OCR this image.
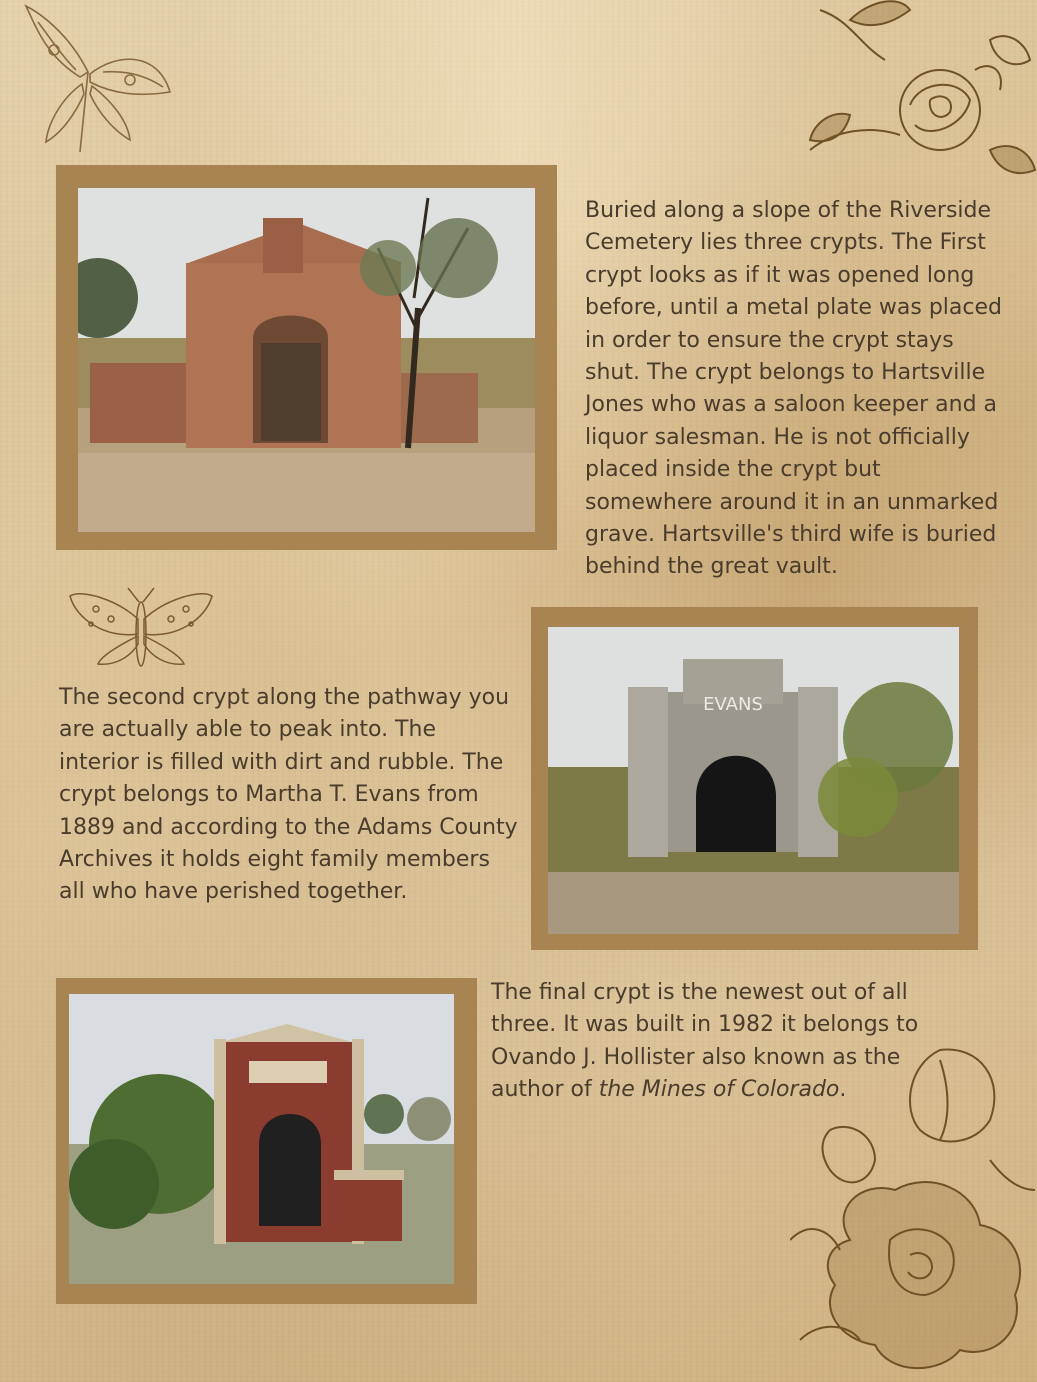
Buried along a slope of the Riverside Cemetery lies three crypts. The First crypt looks as if it was opened long before, until a metal plate was placed in order to ensure the crypt stays shut. The crypt belongs to Hartsville Jones who was a saloon keeper and a liquor salesman. He is not officially placed inside the crypt but somewhere around it in an unmarked grave. Hartsville's third wife is buried behind the great vault.

The second crypt along the pathway you are actually able to peak into. The interior is filled with dirt and rubble. The crypt belongs to Martha T. Evans from 1889 and according to the Adams County Archives it holds eight family members all who have perished together.

EVANS

The final crypt is the newest out of all three. It was built in 1982 it belongs to Ovando J. Hollister also known as the author of the Mines of Colorado.
